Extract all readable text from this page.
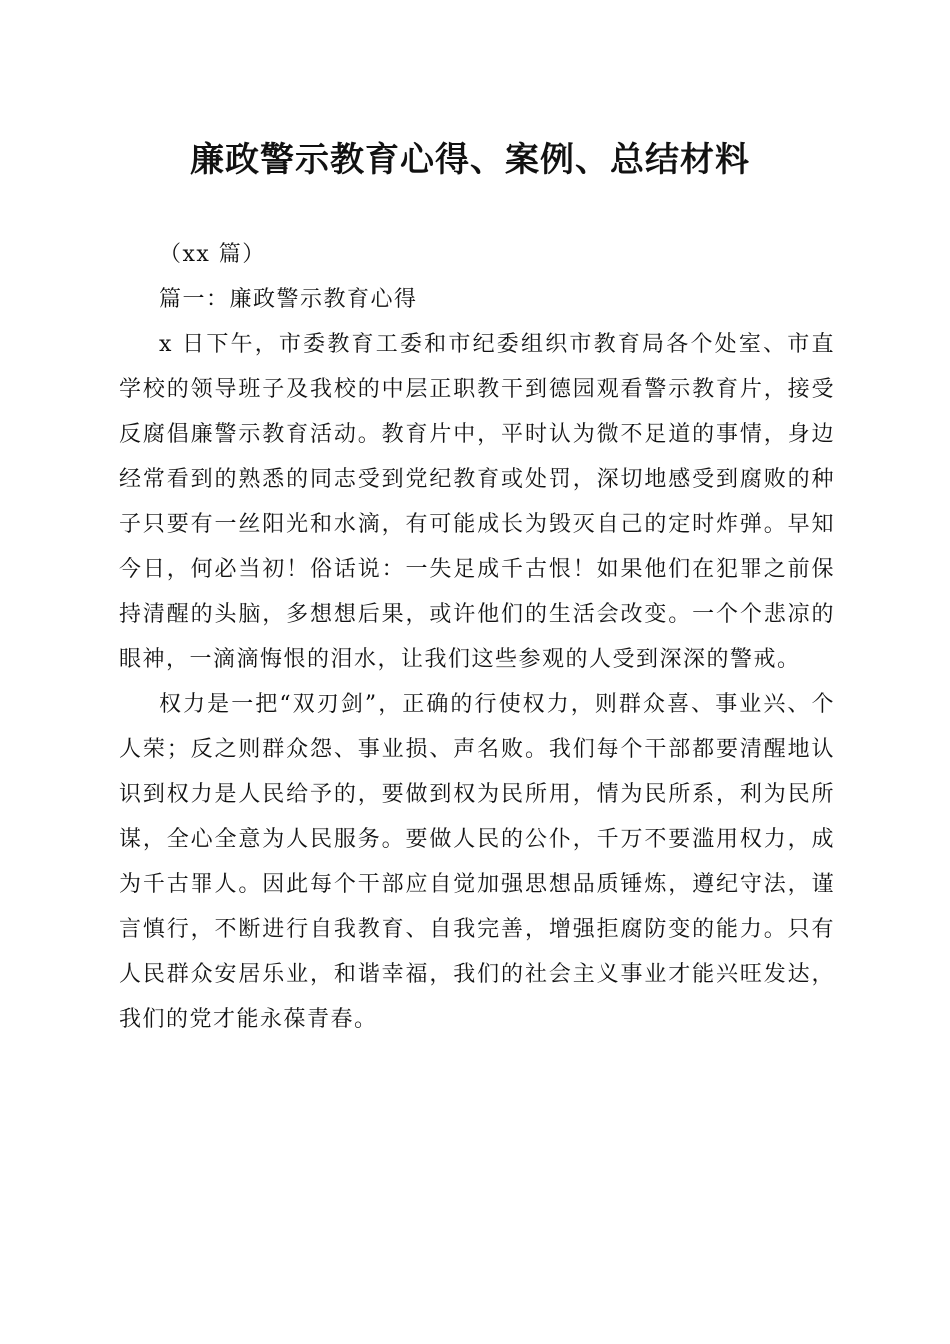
廉政警示教育心得、案例、总结材料

（xx 篇）

篇一：廉政警示教育心得

x 日下午，市委教育工委和市纪委组织市教育局各个处室、市直学校的领导班子及我校的中层正职教干到德园观看警示教育片，接受反腐倡廉警示教育活动。教育片中，平时认为微不足道的事情，身边经常看到的熟悉的同志受到党纪教育或处罚，深切地感受到腐败的种子只要有一丝阳光和水滴，有可能成长为毁灭自己的定时炸弹。早知今日，何必当初！俗话说：一失足成千古恨！如果他们在犯罪之前保持清醒的头脑，多想想后果，或许他们的生活会改变。一个个悲凉的眼神，一滴滴悔恨的泪水，让我们这些参观的人受到深深的警戒。

权力是一把“双刃剑”，正确的行使权力，则群众喜、事业兴、个人荣；反之则群众怨、事业损、声名败。我们每个干部都要清醒地认识到权力是人民给予的，要做到权为民所用，情为民所系，利为民所谋，全心全意为人民服务。要做人民的公仆，千万不要滥用权力，成为千古罪人。因此每个干部应自觉加强思想品质锤炼，遵纪守法，谨言慎行，不断进行自我教育、自我完善，增强拒腐防变的能力。只有人民群众安居乐业，和谐幸福，我们的社会主义事业才能兴旺发达，我们的党才能永葆青春。
